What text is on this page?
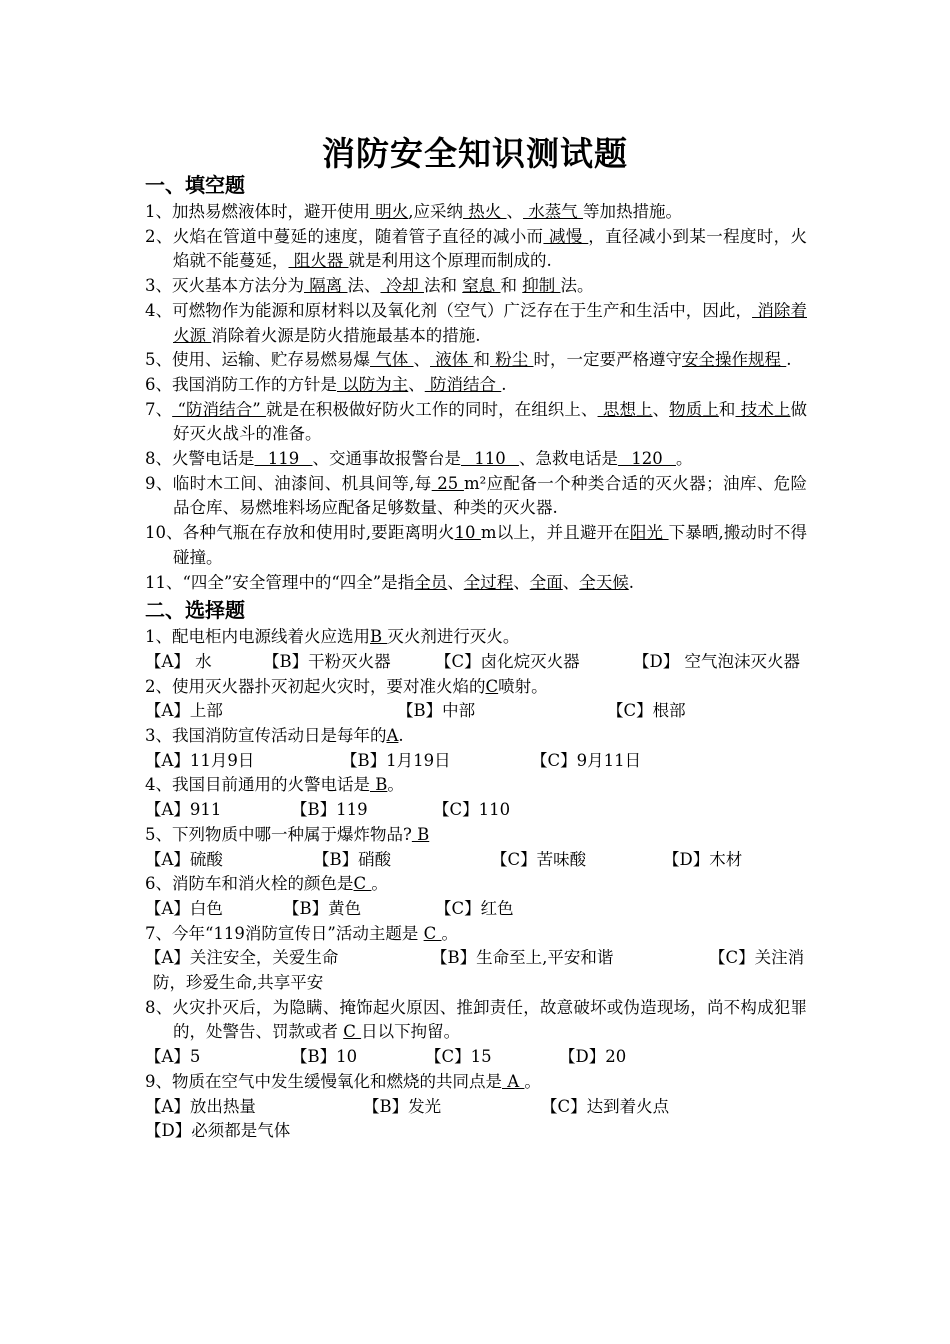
消防安全知识测试题
一、填空题
1、加热易燃液体时，避开使用 明火,应采纳 热火 、 水蒸气 等加热措施。
2、火焰在管道中蔓延的速度，随着管子直径的减小而 减慢 ，直径减小到某一程度时，火焰就不能蔓延， 阻火器 就是利用这个原理而制成的.
3、灭火基本方法分为 隔离 法、 冷却 法和 窒息 和 抑制 法。
4、可燃物作为能源和原材料以及氧化剂（空气）广泛存在于生产和生活中，因此， 消除着火源 消除着火源是防火措施最基本的措施.
5、使用、运输、贮存易燃易爆 气体 、 液体 和 粉尘 时，一定要严格遵守安全操作规程 .
6、我国消防工作的方针是 以防为主、 防消结合 .
7、 “防消结合” 就是在积极做好防火工作的同时，在组织上、 思想上、物质上和 技术上做好灭火战斗的准备。
8、火警电话是 119 、交通事故报警台是 110 、急救电话是 120 。
9、临时木工间、油漆间、机具间等,每 25 m²应配备一个种类合适的灭火器；油库、危险品仓库、易燃堆料场应配备足够数量、种类的灭火器.
10、各种气瓶在存放和使用时,要距离明火10 m以上，并且避开在阳光 下暴晒,搬动时不得碰撞。
11、“四全”安全管理中的“四全”是指全员、全过程、全面、全天候.
二、选择题
1、配电柜内电源线着火应选用B 灭火剂进行灭火。
【A】 水	【B】干粉灭火器	【C】卤化烷灭火器	【D】 空气泡沫灭火器
2、使用灭火器扑灭初起火灾时，要对准火焰的C喷射。

【A】上部

	【B】中部

	【C】根部

3、我国消防宣传活动日是每年的A.

【A】11月9日

	【B】1月19日

	【C】9月11日

4、我国目前通用的火警电话是 B。

【A】911

	【B】119

	【C】110

5、下列物质中哪一种属于爆炸物品? B

【A】硫酸

	【B】硝酸

	【C】苦味酸

	【D】木材

6、消防车和消火栓的颜色是C 。

【A】白色

	【B】黄色

	【C】红色

7、今年“119消防宣传日”活动主题是 C 。
【A】关注安全，关爱生命	【B】生命至上,平安和谐	【C】关注消防，珍爱生命,共享平安
8、火灾扑灭后，为隐瞒、掩饰起火原因、推卸责任，故意破坏或伪造现场，尚不构成犯罪的，处警告、罚款或者 C 日以下拘留。

【A】5

	【B】10

	【C】15

	【D】20

9、物质在空气中发生缓慢氧化和燃烧的共同点是 A 。

【A】放出热量

	【B】发光

	【C】达到着火点

【D】必须都是气体
